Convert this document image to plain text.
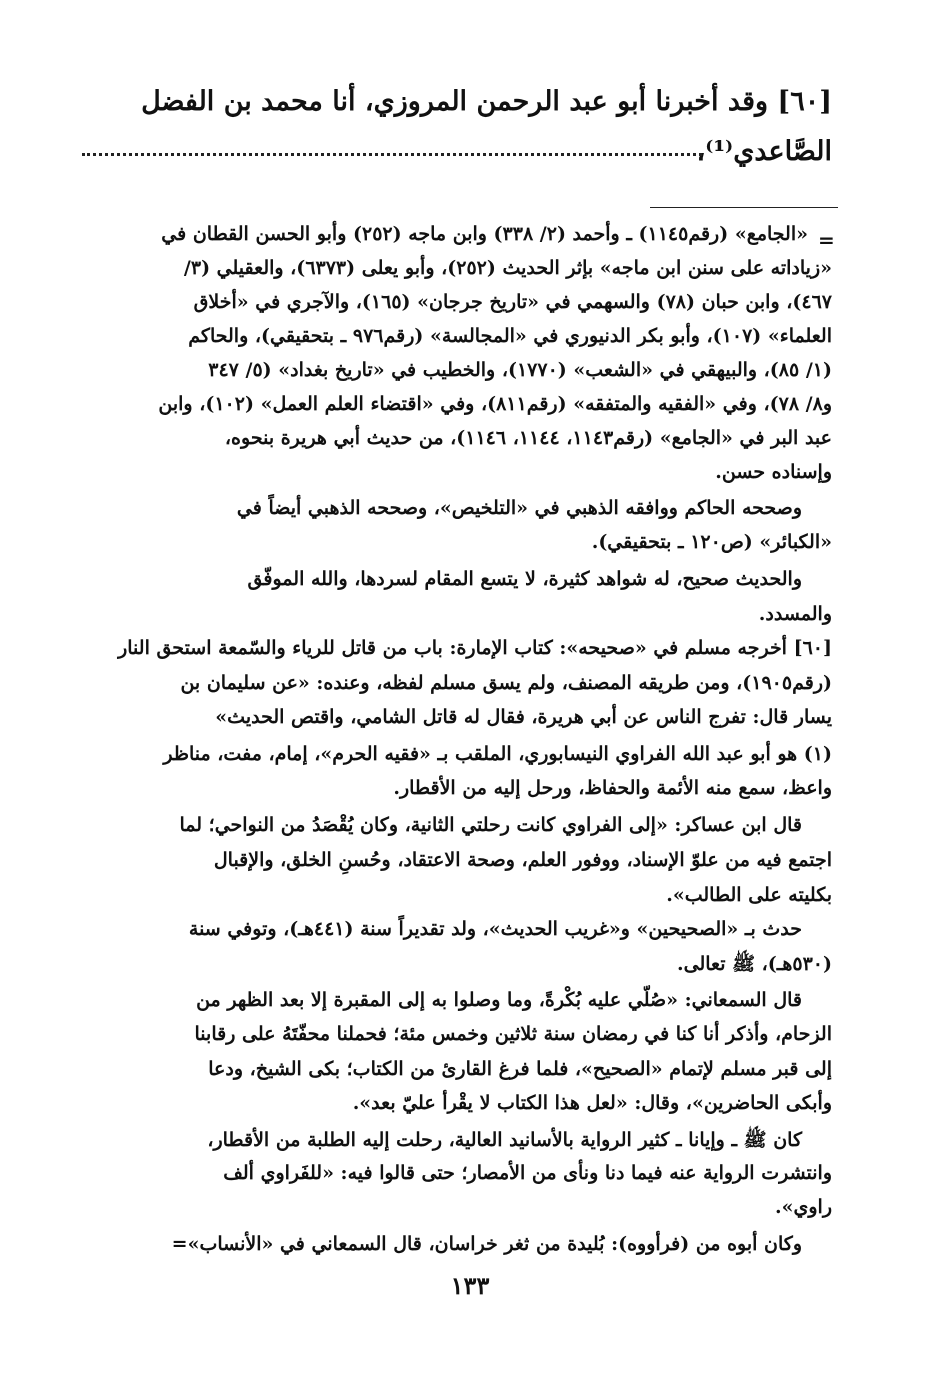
[٦٠] وقد أخبرنا أبو عبد الرحمن المروزي، أنا محمد بن الفضل
الصَّاعدي⁽¹⁾،
=
«الجامع» (رقم١١٤٥) ـ وأحمد (٢/ ٣٣٨) وابن ماجه (٢٥٢) وأبو الحسن القطان في
«زياداته على سنن ابن ماجه» بإثر الحديث (٢٥٢)، وأبو يعلى (٦٣٧٣)، والعقيلي (٣/
٤٦٧)، وابن حبان (٧٨) والسهمي في «تاريخ جرجان» (١٦٥)، والآجري في «أخلاق
العلماء» (١٠٧)، وأبو بكر الدنيوري في «المجالسة» (رقم٩٧٦ ـ بتحقيقي)، والحاكم
(١/ ٨٥)، والبيهقي في «الشعب» (١٧٧٠)، والخطيب في «تاريخ بغداد» (٥/ ٣٤٧
و٨/ ٧٨)، وفي «الفقيه والمتفقه» (رقم٨١١)، وفي «اقتضاء العلم العمل» (١٠٢)، وابن
عبد البر في «الجامع» (رقم١١٤٣، ١١٤٤، ١١٤٦)، من حديث أبي هريرة بنحوه،
وإسناده حسن.
وصححه الحاكم ووافقه الذهبي في «التلخيص»، وصححه الذهبي أيضاً في
«الكبائر» (ص١٢٠ ـ بتحقيقي).
والحديث صحيح، له شواهد كثيرة، لا يتسع المقام لسردها، والله الموفّق
والمسدد.
[٦٠] أخرجه مسلم في «صحيحه»: كتاب الإمارة: باب من قاتل للرياء والسّمعة استحق النار
(رقم١٩٠٥)، ومن طريقه المصنف، ولم يسق مسلم لفظه، وعنده: «عن سليمان بن
يسار قال: تفرج الناس عن أبي هريرة، فقال له قاتل الشامي، واقتص الحديث»
(١) هو أبو عبد الله الفراوي النيسابوري، الملقب بـ «فقيه الحرم»، إمام، مفت، مناظر
واعظ، سمع منه الأئمة والحفاظ، ورحل إليه من الأقطار.
قال ابن عساكر: «إلى الفراوي كانت رحلتي الثانية، وكان يُقْصَدُ من النواحي؛ لما
اجتمع فيه من علوّ الإسناد، ووفور العلم، وصحة الاعتقاد، وحُسنِ الخلق، والإقبال
بكليته على الطالب».
حدث بـ «الصحيحين» و«غريب الحديث»، ولد تقديراً سنة (٤٤١هـ)، وتوفي سنة
(٥٣٠هـ)، ﷺ تعالى.
قال السمعاني: «صُلّي عليه بُكْرةً، وما وصلوا به إلى المقبرة إلا بعد الظهر من
الزحام، وأذكر أنا كنا في رمضان سنة ثلاثين وخمس مئة؛ فحملنا محفّتَهُ على رقابنا
إلى قبر مسلم لإتمام «الصحيح»، فلما فرغ القارئ من الكتاب؛ بكى الشيخ، ودعا
وأبكى الحاضرين»، وقال: «لعل هذا الكتاب لا يقْرأ عليّ بعد».
كان ﷺ ـ وإيانا ـ كثير الرواية بالأسانيد العالية، رحلت إليه الطلبة من الأقطار،
وانتشرت الرواية عنه فيما دنا ونأى من الأمصار؛ حتى قالوا فيه: «للفَراوي ألف
راوي».
وكان أبوه من (فرأووه): بُليدة من ثغر خراسان، قال السمعاني في «الأنساب»=
١٣٣
